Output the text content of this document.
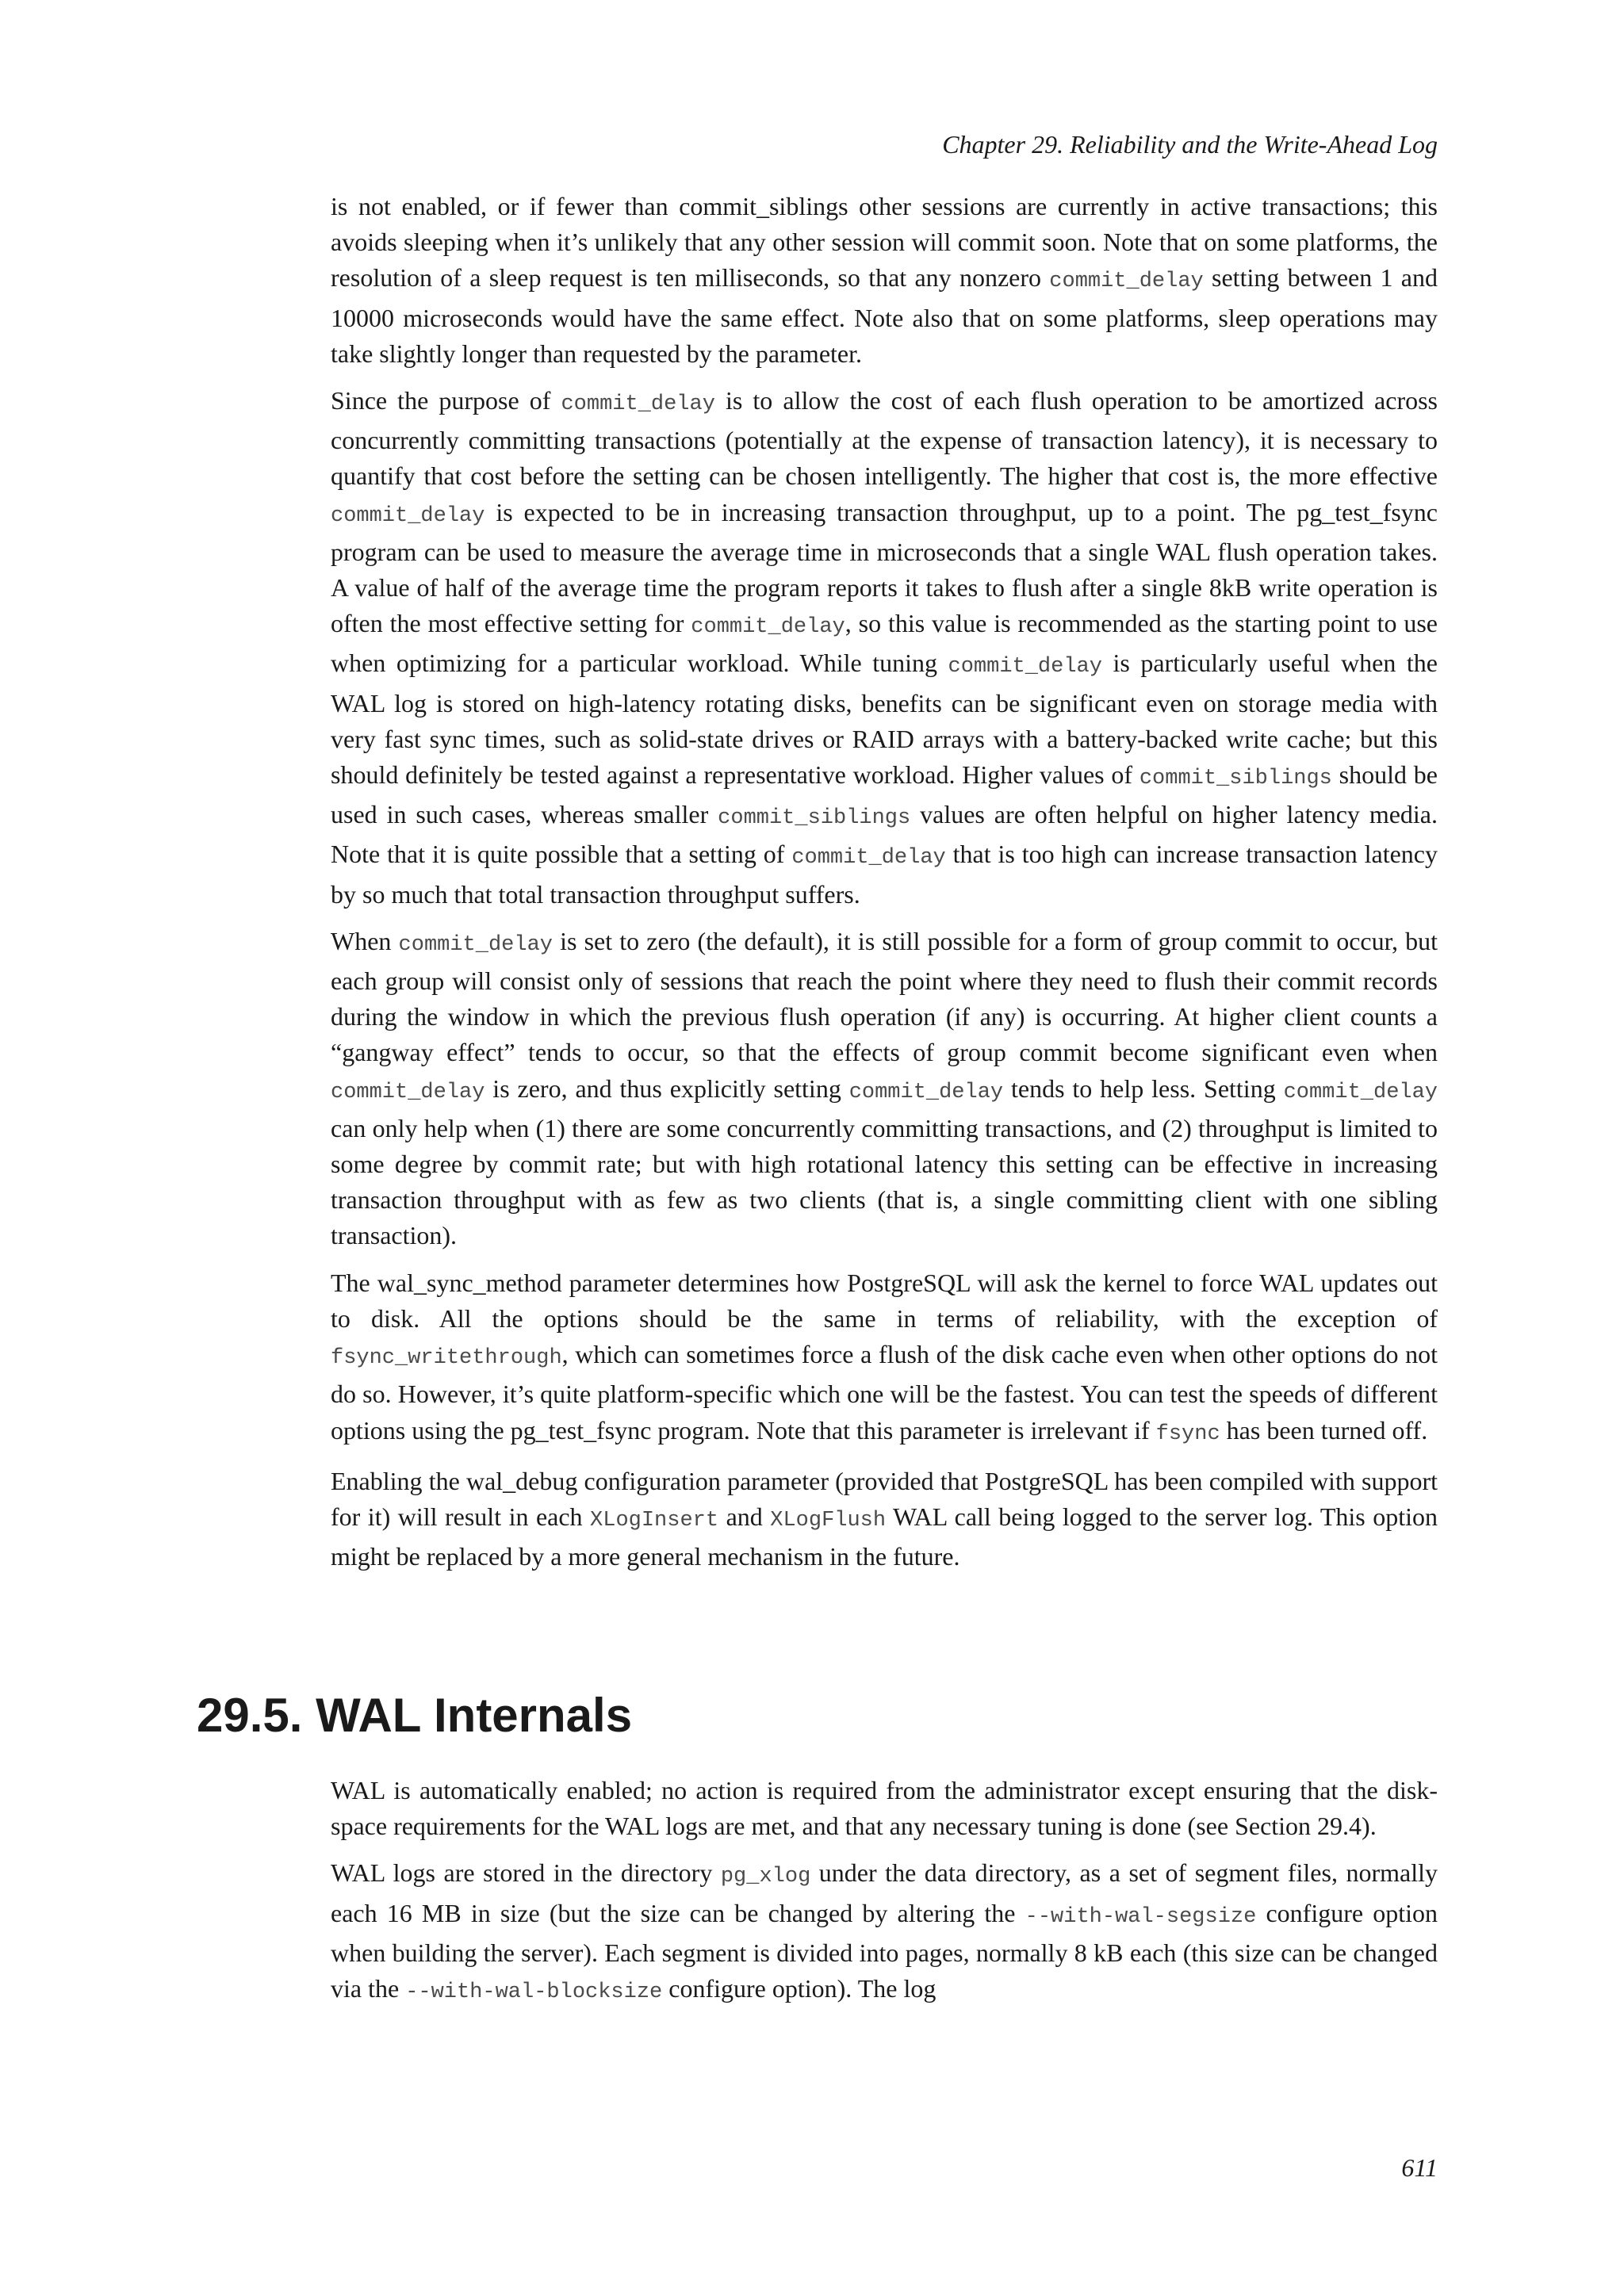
Chapter 29. Reliability and the Write-Ahead Log

is not enabled, or if fewer than commit_siblings other sessions are currently in active transactions; this avoids sleeping when it’s unlikely that any other session will commit soon. Note that on some platforms, the resolution of a sleep request is ten milliseconds, so that any nonzero commit_delay setting between 1 and 10000 microseconds would have the same effect. Note also that on some platforms, sleep operations may take slightly longer than requested by the parameter.

Since the purpose of commit_delay is to allow the cost of each flush operation to be amortized across concurrently committing transactions (potentially at the expense of transaction latency), it is necessary to quantify that cost before the setting can be chosen intelligently. The higher that cost is, the more effective commit_delay is expected to be in increasing transaction throughput, up to a point. The pg_test_fsync program can be used to measure the average time in microseconds that a single WAL flush operation takes. A value of half of the average time the program reports it takes to flush after a single 8kB write operation is often the most effective setting for commit_delay, so this value is recommended as the starting point to use when optimizing for a particular workload. While tuning commit_delay is particularly useful when the WAL log is stored on high-latency rotating disks, benefits can be significant even on storage media with very fast sync times, such as solid-state drives or RAID arrays with a battery-backed write cache; but this should definitely be tested against a representative workload. Higher values of commit_siblings should be used in such cases, whereas smaller commit_siblings values are often helpful on higher latency media. Note that it is quite possible that a setting of commit_delay that is too high can increase transaction latency by so much that total transaction throughput suffers.

When commit_delay is set to zero (the default), it is still possible for a form of group commit to occur, but each group will consist only of sessions that reach the point where they need to flush their commit records during the window in which the previous flush operation (if any) is occurring. At higher client counts a “gangway effect” tends to occur, so that the effects of group commit become significant even when commit_delay is zero, and thus explicitly setting commit_delay tends to help less. Setting commit_delay can only help when (1) there are some concurrently committing transactions, and (2) throughput is limited to some degree by commit rate; but with high rotational latency this setting can be effective in increasing transaction throughput with as few as two clients (that is, a single committing client with one sibling transaction).

The wal_sync_method parameter determines how PostgreSQL will ask the kernel to force WAL updates out to disk. All the options should be the same in terms of reliability, with the exception of fsync_writethrough, which can sometimes force a flush of the disk cache even when other options do not do so. However, it’s quite platform-specific which one will be the fastest. You can test the speeds of different options using the pg_test_fsync program. Note that this parameter is irrelevant if fsync has been turned off.

Enabling the wal_debug configuration parameter (provided that PostgreSQL has been compiled with support for it) will result in each XLogInsert and XLogFlush WAL call being logged to the server log. This option might be replaced by a more general mechanism in the future.

29.5. WAL Internals

WAL is automatically enabled; no action is required from the administrator except ensuring that the disk-space requirements for the WAL logs are met, and that any necessary tuning is done (see Section 29.4).

WAL logs are stored in the directory pg_xlog under the data directory, as a set of segment files, normally each 16 MB in size (but the size can be changed by altering the --with-wal-segsize configure option when building the server). Each segment is divided into pages, normally 8 kB each (this size can be changed via the --with-wal-blocksize configure option). The log

611
